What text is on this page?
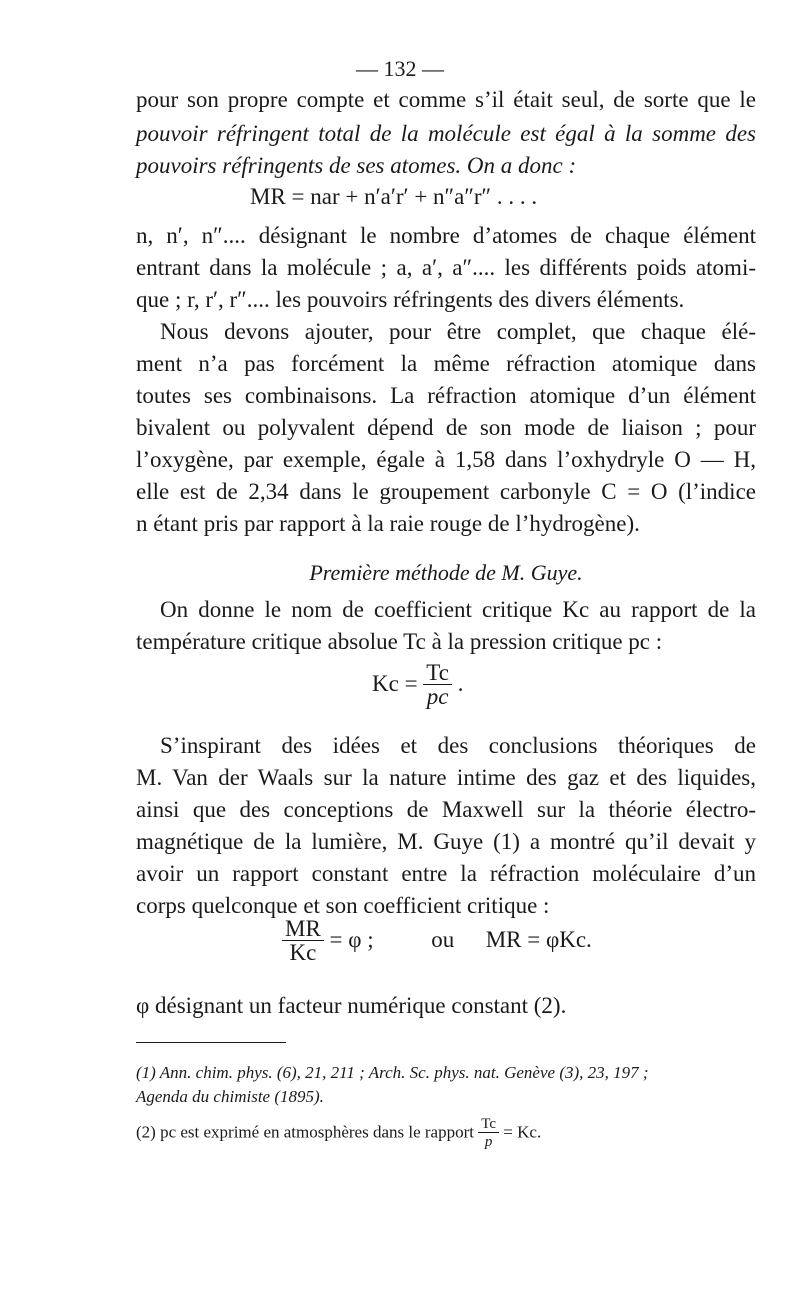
— 132 —
pour son propre compte et comme s’il était seul, de sorte que le
pouvoir réfringent total de la molécule est égal à la somme des
pouvoirs réfringents de ses atomes. On a donc :
MR = nar + n′a′r′ + n″a″r″ . . . .
n, n′, n″.... désignant le nombre d’atomes de chaque élément
entrant dans la molécule ; a, a′, a″.... les différents poids atomi-
que ; r, r′, r″.... les pouvoirs réfringents des divers éléments.
Nous devons ajouter, pour être complet, que chaque élé-
ment n’a pas forcément la même réfraction atomique dans
toutes ses combinaisons. La réfraction atomique d’un élément
bivalent ou polyvalent dépend de son mode de liaison ; pour
l’oxygène, par exemple, égale à 1,58 dans l’oxhydryle O — H,
elle est de 2,34 dans le groupement carbonyle C = O (l’indice
n étant pris par rapport à la raie rouge de l’hydrogène).
Première méthode de M. Guye.
On donne le nom de coefficient critique Kc au rapport de la
température critique absolue Tc à la pression critique pc :
$Kc = \frac{Tc}{pc}$ .
S’inspirant des idées et des conclusions théoriques de
M. Van der Waals sur la nature intime des gaz et des liquides,
ainsi que des conceptions de Maxwell sur la théorie électro-
magnétique de la lumière, M. Guye (1) a montré qu’il devait y
avoir un rapport constant entre la réfraction moléculaire d’un
corps quelconque et son coefficient critique :
$\frac{MR}{Kc} = \varphi$ ;	ou MR = φKc.
φ désignant un facteur numérique constant (2).
(1) Ann. chim. phys. (6), 21, 211 ; Arch. Sc. phys. nat. Genève (3), 23, 197 ;
Agenda du chimiste (1895).
(2) pc est exprimé en atmosphères dans le rapport $\frac{Tc}{p} = Kc$.
